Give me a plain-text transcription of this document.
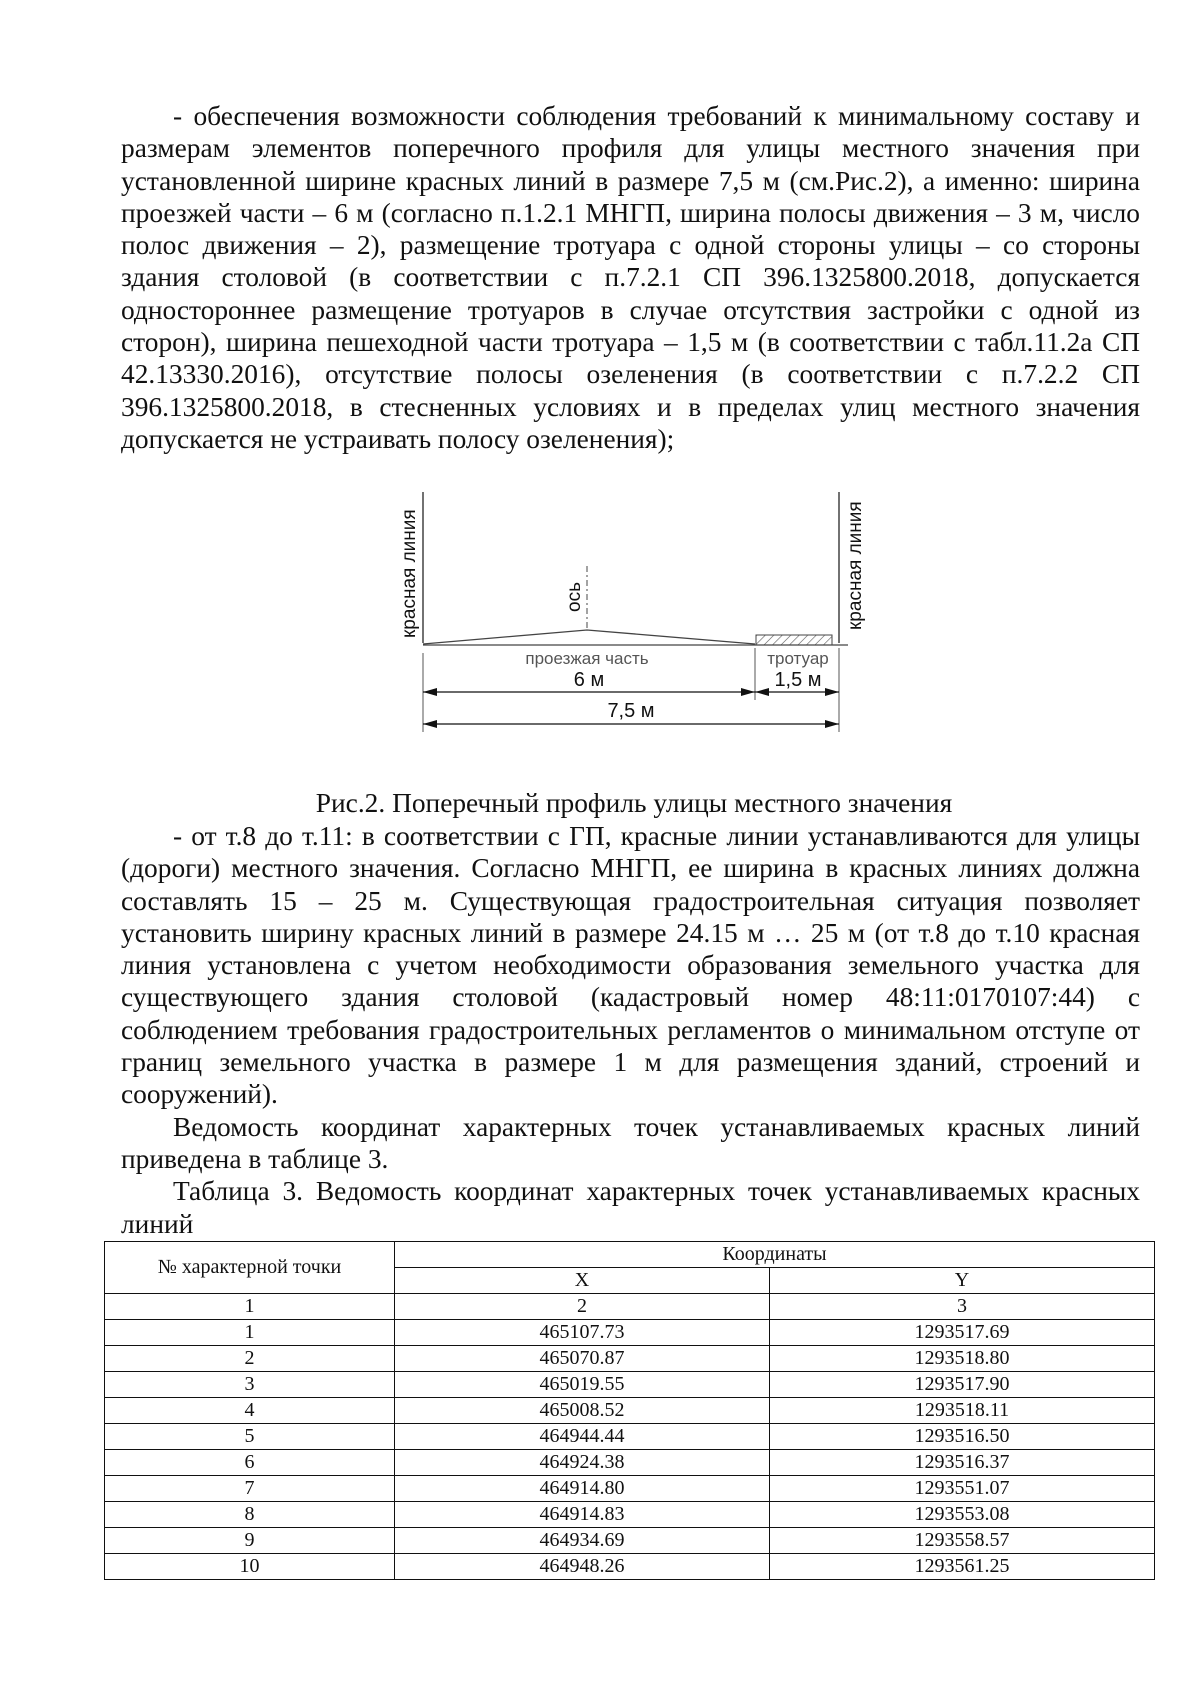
- обеспечения возможности соблюдения требований к минимальному составу и размерам элементов поперечного профиля для улицы местного значения при установленной ширине красных линий в размере 7,5 м (см.Рис.2), а именно: ширина проезжей части – 6 м (согласно п.1.2.1 МНГП, ширина полосы движения – 3 м, число полос движения – 2), размещение тротуара с одной стороны улицы – со стороны здания столовой (в соответствии с п.7.2.1 СП 396.1325800.2018, допускается одностороннее размещение тротуаров в случае отсутствия застройки с одной из сторон), ширина пешеходной части тротуара – 1,5 м (в соответствии с табл.11.2а СП 42.13330.2016), отсутствие полосы озеленения (в соответствии с п.7.2.2 СП 396.1325800.2018, в стесненных условиях и в пределах улиц местного значения допускается не устраивать полосу озеленения);

красная линия	красная линия
ось
проезжая часть	тротуар
6 м	1,5 м
7,5 м
Рис.2. Поперечный профиль улицы местного значения

- от т.8 до т.11: в соответствии с ГП, красные линии устанавливаются для улицы (дороги) местного значения. Согласно МНГП, ее ширина в красных линиях должна составлять 15 – 25 м. Существующая градостроительная ситуация позволяет установить ширину красных линий в размере 24.15 м … 25 м (от т.8 до т.10 красная линия установлена с учетом необходимости образования земельного участка для существующего здания столовой (кадастровый номер 48:11:0170107:44) с соблюдением требования градостроительных регламентов о минимальном отступе от границ земельного участка в размере 1 м для размещения зданий, строений и сооружений).

Ведомость координат характерных точек устанавливаемых красных линий приведена в таблице 3.

Таблица 3. Ведомость координат характерных точек устанавливаемых красных линий

№ характерной точки	Координаты	
	X	Y
1	2	3
1	465107.73	1293517.69
2	465070.87	1293518.80
3	465019.55	1293517.90
4	465008.52	1293518.11
5	464944.44	1293516.50
6	464924.38	1293516.37
7	464914.80	1293551.07
8	464914.83	1293553.08
9	464934.69	1293558.57
10	464948.26	1293561.25
